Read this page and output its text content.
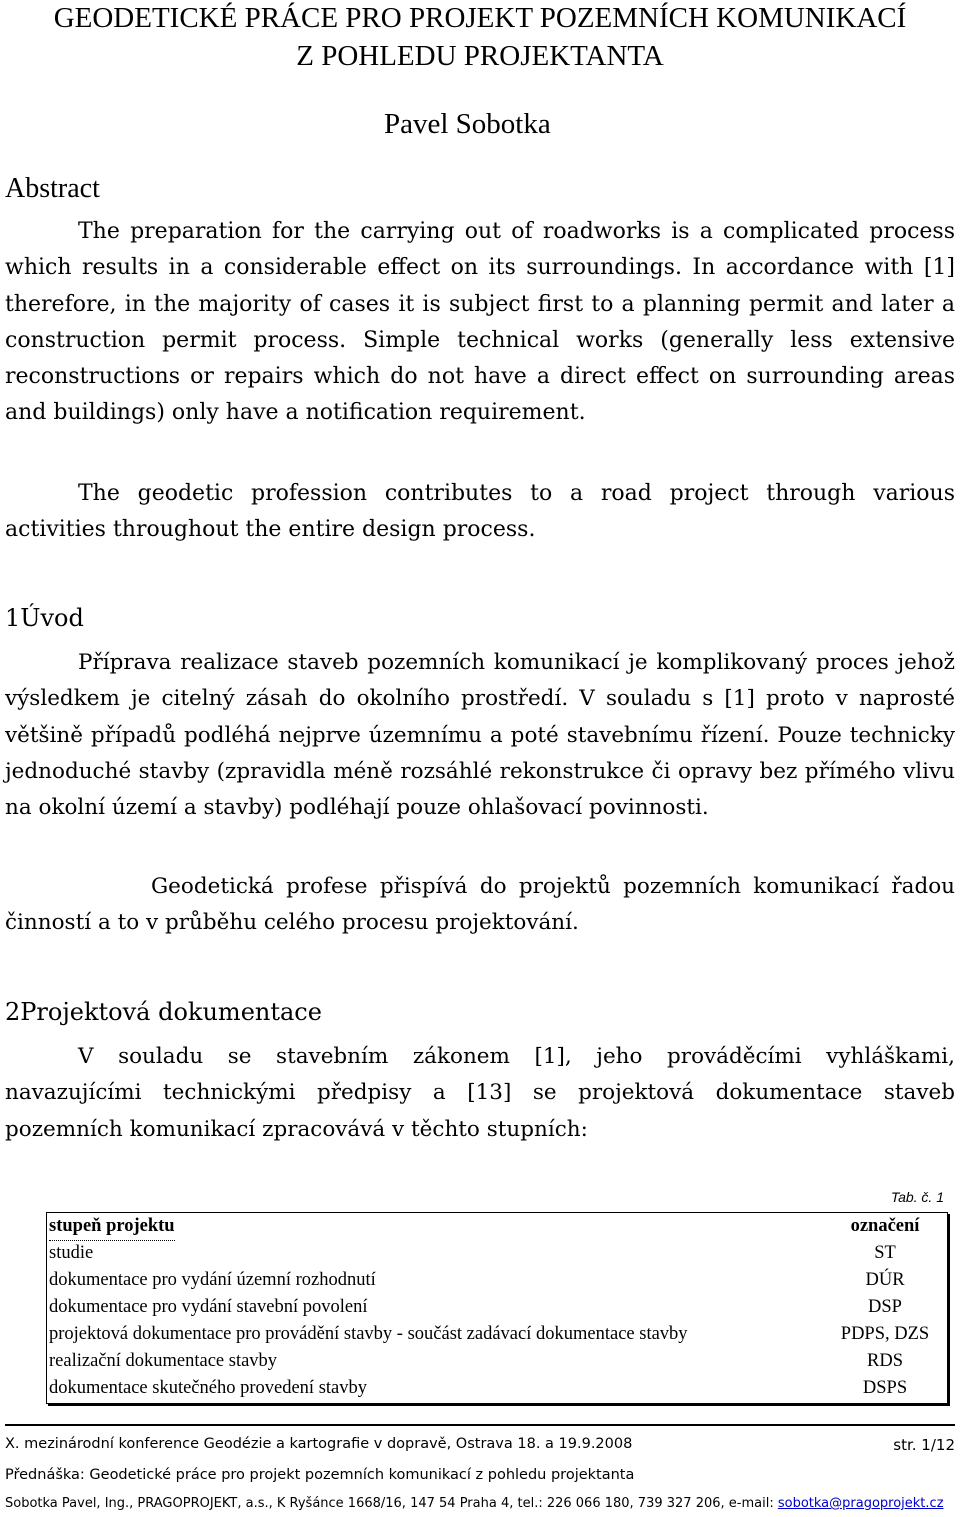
GEODETICKÉ PRÁCE PRO PROJEKT POZEMNÍCH KOMUNIKACÍ
Z POHLEDU PROJEKTANTA
Pavel Sobotka
Abstract

The preparation for the carrying out of roadworks is a complicated process which results in a considerable effect on its surroundings. In accordance with [1] therefore, in the majority of cases it is subject first to a planning permit and later a construction permit process. Simple technical works (generally less extensive reconstructions or repairs which do not have a direct effect on surrounding areas and buildings) only have a notification requirement.

The geodetic profession contributes to a road project through various activities throughout the entire design process.

1Úvod

Příprava realizace staveb pozemních komunikací je komplikovaný proces jehož výsledkem je citelný zásah do okolního prostředí. V souladu s [1] proto v naprosté většině případů podléhá nejprve územnímu a poté stavebnímu řízení. Pouze technicky jednoduché stavby (zpravidla méně rozsáhlé rekonstrukce či opravy bez přímého vlivu na okolní území a stavby) podléhají pouze ohlašovací povinnosti.

Geodetická profese přispívá do projektů pozemních komunikací řadou činností a to v průběhu celého procesu projektování.

2Projektová dokumentace

V souladu se stavebním zákonem [1], jeho prováděcími vyhláškami, navazujícími technickými předpisy a [13] se projektová dokumentace staveb pozemních komunikací zpracovává v těchto stupních:

Tab. č. 1
stupeň projektu	označení
studie	ST
dokumentace pro vydání územní rozhodnutí	DÚR
dokumentace pro vydání stavební povolení	DSP
projektová dokumentace pro provádění stavby - součást zadávací dokumentace stavby	PDPS, DZS
realizační dokumentace stavby	RDS
dokumentace skutečného provedení stavby	DSPS
X. mezinárodní konference Geodézie a kartografie v dopravě, Ostrava 18. a 19.9.2008	str. 1/12
Přednáška: Geodetické práce pro projekt pozemních komunikací z pohledu projektanta
Sobotka Pavel, Ing., PRAGOPROJEKT, a.s., K Ryšánce 1668/16, 147 54 Praha 4, tel.: 226 066 180, 739 327 206, e-mail: sobotka@pragoprojekt.cz
